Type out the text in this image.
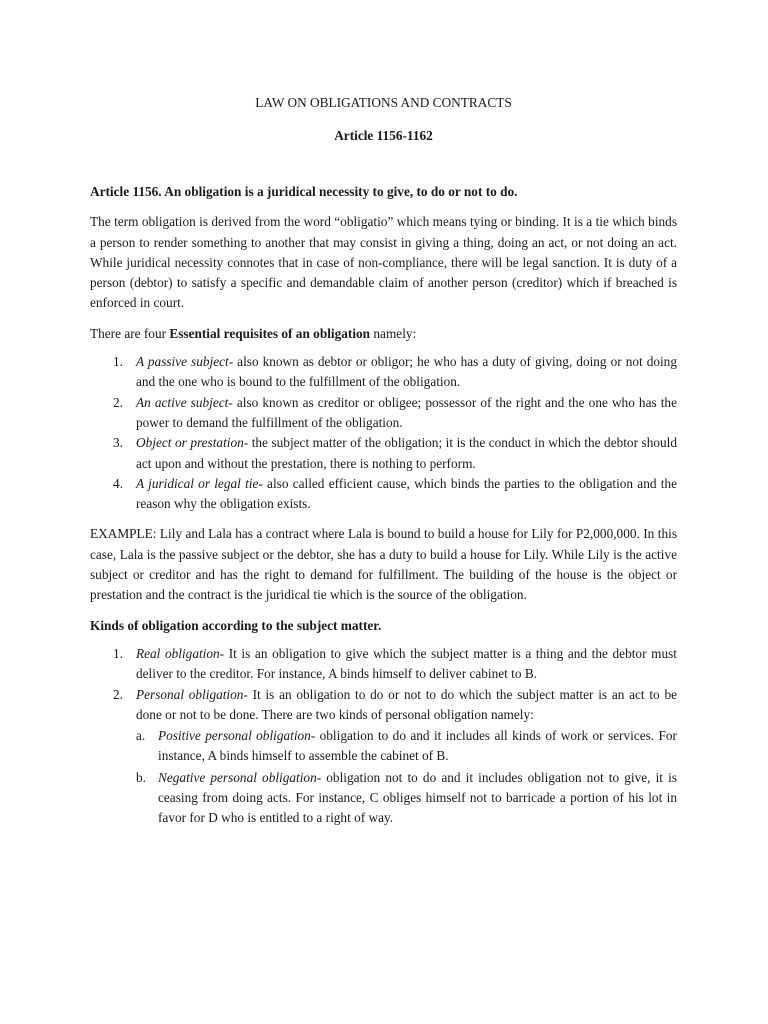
LAW ON OBLIGATIONS AND CONTRACTS
Article 1156-1162
Article 1156. An obligation is a juridical necessity to give, to do or not to do.

The term obligation is derived from the word “obligatio” which means tying or binding. It is a tie which binds a person to render something to another that may consist in giving a thing, doing an act, or not doing an act. While juridical necessity connotes that in case of non-compliance, there will be legal sanction. It is duty of a person (debtor) to satisfy a specific and demandable claim of another person (creditor) which if breached is enforced in court.

There are four Essential requisites of an obligation namely:

1. A passive subject- also known as debtor or obligor; he who has a duty of giving, doing or not doing and the one who is bound to the fulfillment of the obligation.
2. An active subject- also known as creditor or obligee; possessor of the right and the one who has the power to demand the fulfillment of the obligation.
3. Object or prestation- the subject matter of the obligation; it is the conduct in which the debtor should act upon and without the prestation, there is nothing to perform.
4. A juridical or legal tie- also called efficient cause, which binds the parties to the obligation and the reason why the obligation exists.

EXAMPLE: Lily and Lala has a contract where Lala is bound to build a house for Lily for P2,000,000. In this case, Lala is the passive subject or the debtor, she has a duty to build a house for Lily. While Lily is the active subject or creditor and has the right to demand for fulfillment. The building of the house is the object or prestation and the contract is the juridical tie which is the source of the obligation.

Kinds of obligation according to the subject matter.

1. Real obligation- It is an obligation to give which the subject matter is a thing and the debtor must deliver to the creditor. For instance, A binds himself to deliver cabinet to B.
2. Personal obligation- It is an obligation to do or not to do which the subject matter is an act to be done or not to be done. There are two kinds of personal obligation namely:
a. Positive personal obligation- obligation to do and it includes all kinds of work or services. For instance, A binds himself to assemble the cabinet of B.
b. Negative personal obligation- obligation not to do and it includes obligation not to give, it is ceasing from doing acts. For instance, C obliges himself not to barricade a portion of his lot in favor for D who is entitled to a right of way.
